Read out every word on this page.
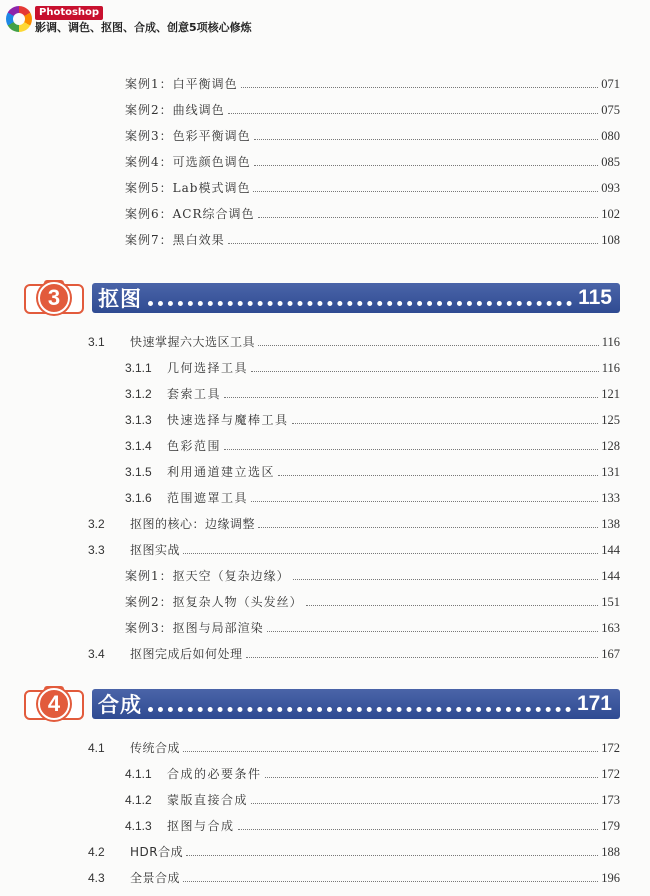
Photoshop
影调、调色、抠图、合成、创意5项核心修炼
案例1：白平衡调色	071
案例2：曲线调色	075
案例3：色彩平衡调色	080
案例4：可选颜色调色	085
案例5：Lab模式调色	093
案例6：ACR综合调色	102
案例7：黑白效果	108
3	抠图	115
3.1	快速掌握六大选区工具	116
3.1.1	几何选择工具	116
3.1.2	套索工具	121
3.1.3	快速选择与魔棒工具	125
3.1.4	色彩范围	128
3.1.5	利用通道建立选区	131
3.1.6	范围遮罩工具	133
3.2	抠图的核心：边缘调整	138
3.3	抠图实战	144
案例1：抠天空（复杂边缘）	144
案例2：抠复杂人物（头发丝）	151
案例3：抠图与局部渲染	163
3.4	抠图完成后如何处理	167
4	合成	171
4.1	传统合成	172
4.1.1	合成的必要条件	172
4.1.2	蒙版直接合成	173
4.1.3	抠图与合成	179
4.2	HDR合成	188
4.3	全景合成	196
